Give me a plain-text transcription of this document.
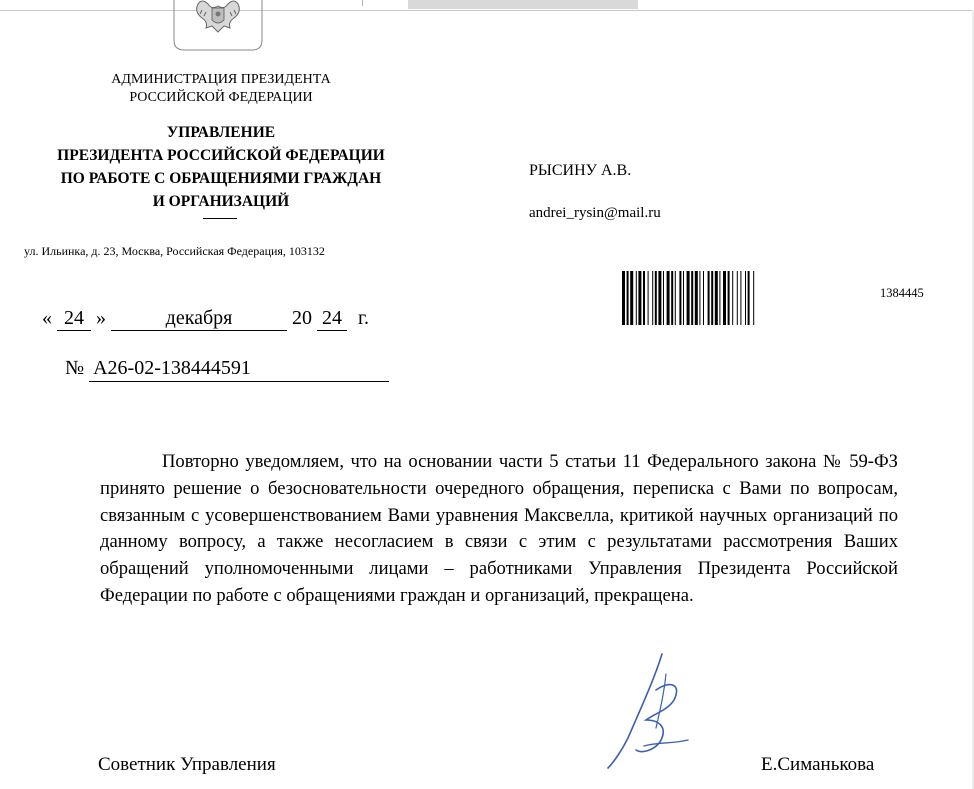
АДМИНИСТРАЦИЯ ПРЕЗИДЕНТА
РОССИЙСКОЙ ФЕДЕРАЦИИ
УПРАВЛЕНИЕ
ПРЕЗИДЕНТА РОССИЙСКОЙ ФЕДЕРАЦИИ
ПО РАБОТЕ С ОБРАЩЕНИЯМИ ГРАЖДАН
И ОРГАНИЗАЦИЙ
ул. Ильинка, д. 23, Москва, Российская Федерация, 103132
РЫСИНУ А.В.
andrei_rysin@mail.ru
1384445
« 24 »	декабря	20 24 г.
№ А26-02-138444591

Повторно уведомляем, что на основании части 5 статьи 11 Федерального закона № 59-ФЗ принято решение о безосновательности очередного обращения, переписка с Вами по вопросам, связанным с усовершенствованием Вами уравнения Максвелла, критикой научных организаций по данному вопросу, а также несогласием в связи с этим с результатами рассмотрения Ваших обращений уполномоченными лицами – работниками Управления Президента Российской Федерации по работе с обращениями граждан и организаций, прекращена.

Советник Управления	Е.Симанькова
